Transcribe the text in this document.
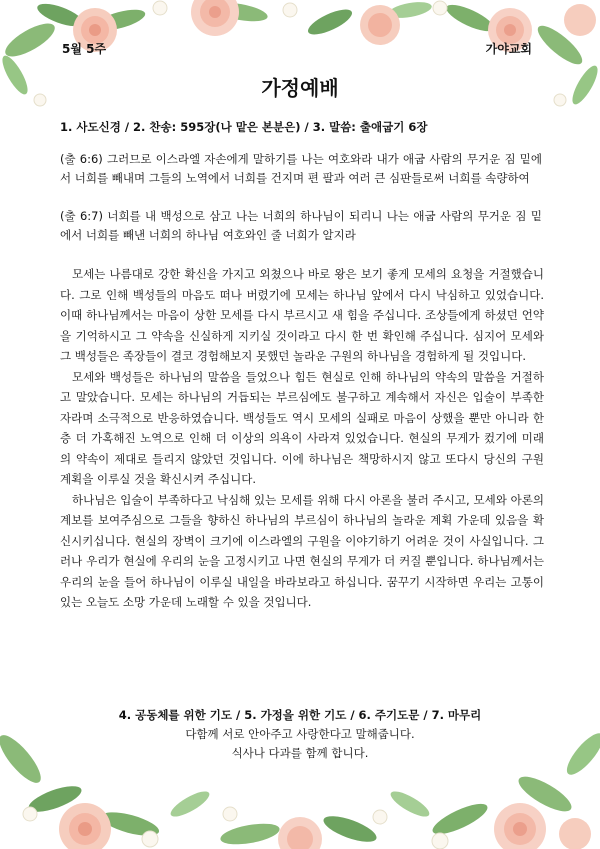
5월 5주	가야교회
가정예배
1. 사도신경 / 2. 찬송: 595장(나 맡은 본분은) / 3. 말씀: 출애굽기 6장
(출 6:6) 그러므로 이스라엘 자손에게 말하기를 나는 여호와라 내가 애굽 사람의 무거운 짐 밑에서 너희를 빼내며 그들의 노역에서 너희를 건지며 편 팔과 여러 큰 심판들로써 너희를 속량하여
(출 6:7) 너희를 내 백성으로 삼고 나는 너희의 하나님이 되리니 나는 애굽 사람의 무거운 짐 밑에서 너희를 빼낸 너희의 하나님 여호와인 줄 너희가 알지라

모세는 나름대로 강한 확신을 가지고 외쳤으나 바로 왕은 보기 좋게 모세의 요청을 거절했습니다. 그로 인해 백성들의 마음도 떠나 버렸기에 모세는 하나님 앞에서 다시 낙심하고 있었습니다. 이때 하나님께서는 마음이 상한 모세를 다시 부르시고 새 힘을 주십니다. 조상들에게 하셨던 언약을 기억하시고 그 약속을 신실하게 지키실 것이라고 다시 한 번 확인해 주십니다. 심지어 모세와 그 백성들은 족장들이 결코 경험해보지 못했던 놀라운 구원의 하나님을 경험하게 될 것입니다.

모세와 백성들은 하나님의 말씀을 들었으나 힘든 현실로 인해 하나님의 약속의 말씀을 거절하고 말았습니다. 모세는 하나님의 거듭되는 부르심에도 불구하고 계속해서 자신은 입술이 부족한 자라며 소극적으로 반응하였습니다. 백성들도 역시 모세의 실패로 마음이 상했을 뿐만 아니라 한층 더 가혹해진 노역으로 인해 더 이상의 의욕이 사라져 있었습니다. 현실의 무게가 컸기에 미래의 약속이 제대로 들리지 않았던 것입니다. 이에 하나님은 책망하시지 않고 또다시 당신의 구원 계획을 이루실 것을 확신시켜 주십니다.

하나님은 입술이 부족하다고 낙심해 있는 모세를 위해 다시 아론을 불러 주시고, 모세와 아론의 계보를 보여주심으로 그들을 향하신 하나님의 부르심이 하나님의 놀라운 계획 가운데 있음을 확신시키십니다. 현실의 장벽이 크기에 이스라엘의 구원을 이야기하기 어려운 것이 사실입니다. 그러나 우리가 현실에 우리의 눈을 고정시키고 나면 현실의 무게가 더 커질 뿐입니다. 하나님께서는 우리의 눈을 들어 하나님이 이루실 내일을 바라보라고 하십니다. 꿈꾸기 시작하면 우리는 고통이 있는 오늘도 소망 가운데 노래할 수 있을 것입니다.

4. 공동체를 위한 기도 / 5. 가정을 위한 기도 / 6. 주기도문 / 7. 마무리
다함께 서로 안아주고 사랑한다고 말해줍니다.
식사나 다과를 함께 합니다.
